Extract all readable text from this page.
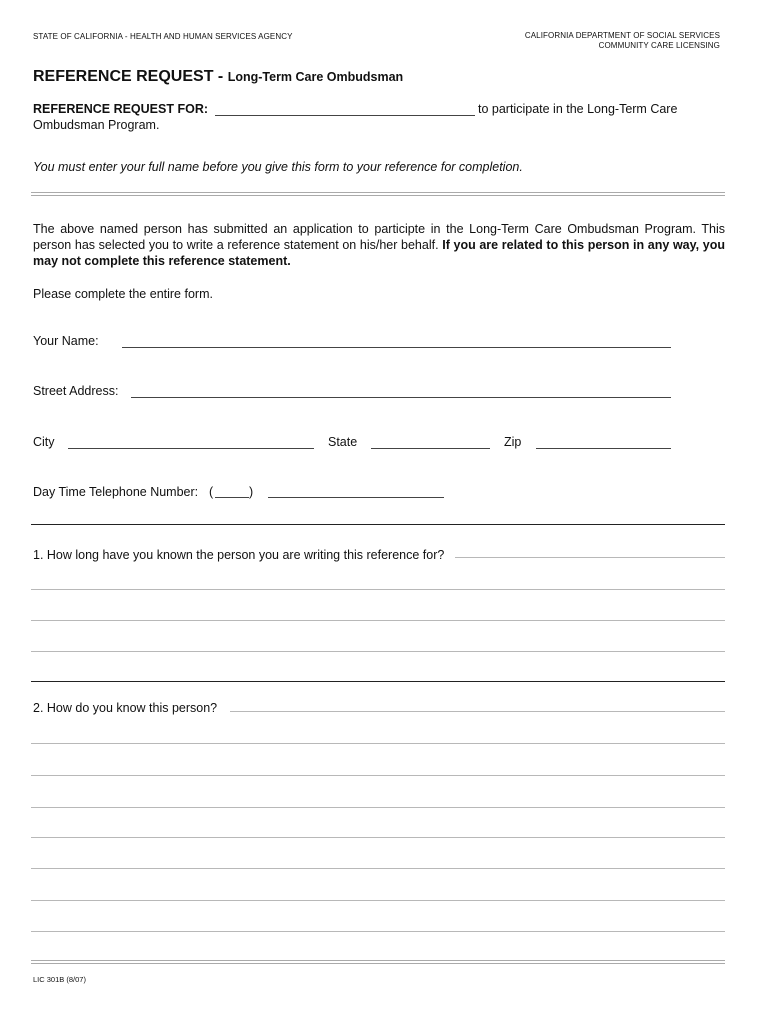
STATE OF CALIFORNIA - HEALTH AND HUMAN SERVICES AGENCY	CALIFORNIA DEPARTMENT OF SOCIAL SERVICES
COMMUNITY CARE LICENSING
REFERENCE REQUEST - Long-Term Care Ombudsman
REFERENCE REQUEST FOR:	to participate in the Long-Term Care
Ombudsman Program.
You must enter your full name before you give this form to your reference for completion.
The above named person has submitted an application to participte in the Long-Term Care Ombudsman Program. This person has selected you to write a reference statement on his/her behalf. If you are related to this person in any way, you may not complete this reference statement.
Please complete the entire form.
Your Name:
Street Address:
City	State	Zip
Day Time Telephone Number: (	)
1. How long have you known the person you are writing this reference for?
2. How do you know this person?
LIC 301B (8/07)
